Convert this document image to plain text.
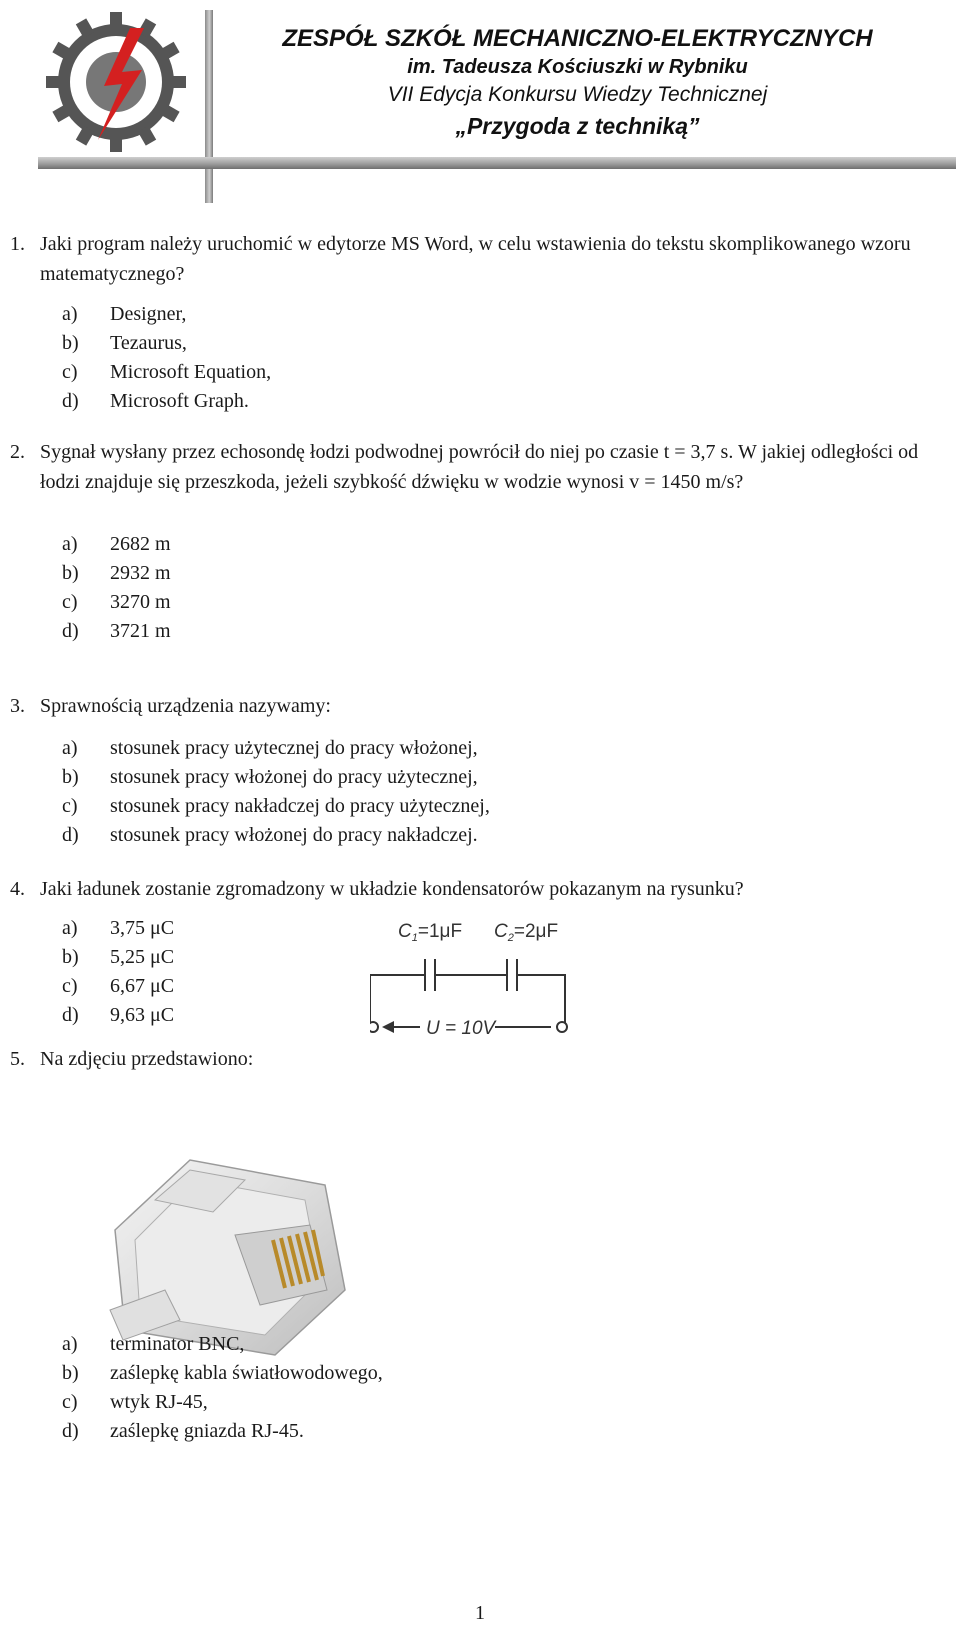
ZESPÓŁ SZKÓŁ MECHANICZNO-ELEKTRYCZNYCH
im. Tadeusza Kościuszki w Rybniku
VII Edycja Konkursu Wiedzy Technicznej
„Przygoda z techniką”
1. Jaki program należy uruchomić w edytorze MS Word, w celu wstawienia do tekstu skomplikowanego wzoru matematycznego?
a) Designer,
b) Tezaurus,
c) Microsoft Equation,
d) Microsoft Graph.
2. Sygnał wysłany przez echosondę łodzi podwodnej powrócił do niej po czasie t = 3,7 s. W jakiej odległości od łodzi znajduje się przeszkoda, jeżeli szybkość dźwięku w wodzie wynosi v = 1450 m/s?
a) 2682 m
b) 2932 m
c) 3270 m
d) 3721 m
3. Sprawnością urządzenia nazywamy:
a) stosunek pracy użytecznej do pracy włożonej,
b) stosunek pracy włożonej do pracy użytecznej,
c) stosunek pracy nakładczej do pracy użytecznej,
d) stosunek pracy włożonej do pracy nakładczej.
4. Jaki ładunek zostanie zgromadzony w układzie kondensatorów pokazanym na rysunku?
a) 3,75 μC
b) 5,25 μC
c) 6,67 μC
d) 9,63 μC
$C_1=1\mu F$ $C_2=2\mu F$
U = 10V
5. Na zdjęciu przedstawiono:
a) terminator BNC,
b) zaślepkę kabla światłowodowego,
c) wtyk RJ-45,
d) zaślepkę gniazda RJ-45.
1
